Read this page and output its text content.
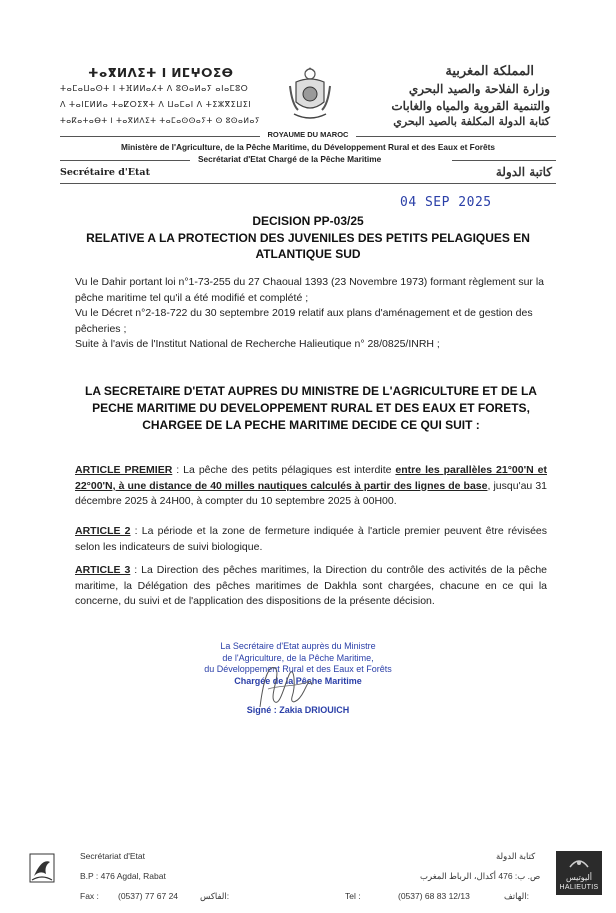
ⵜⴰⴳⵍⴷⵉⵜ ⵏ ⵍⵎⵖⵔⵉⴱ
ⵜⴰⵎⴰⵡⴰⵙⵜ ⵏ ⵜⴼⵍⵍⴰⵃⵜ ⴷ ⵓⵙⴰⵍⴰⵢ ⴰⵏⴰⵎⵓⵔ
ⴷ ⵜⴰⵏⵎⵍⵍⴰ ⵜⴰⵇⵔⵉⴳⵜ ⴷ ⵡⴰⵎⴰⵏ ⴷ ⵜⵉⵣⴳⵉⵡⵉⵏ
ⵜⴰⴽⴰⵜⴰⴱⵜ ⵏ ⵜⴰⴳⵍⴷⵉⵜ ⵜⴰⵎⴰⵙⵙⴰⵢⵜ ⵙ ⵓⵙⴰⵍⴰⵢ
المملكة المغربية
وزارة الفلاحة والصيد البحري
والتنمية القروية والمياه والغابات
كتابة الدولة المكلفة بالصيد البحري
ROYAUME DU MAROC
Ministère de l'Agriculture, de la Pêche Maritime, du Développement Rural et des Eaux et Forêts
Secrétariat d'Etat Chargé de la Pêche Maritime
Secrétaire d'Etat	كاتبة الدولة
04 SEP 2025
DECISION PP-03/25
RELATIVE A LA PROTECTION DES JUVENILES DES PETITS PELAGIQUES EN
ATLANTIQUE SUD
Vu le Dahir portant loi n°1-73-255 du 27 Chaoual 1393 (23 Novembre 1973) formant règlement sur la pêche maritime tel qu'il a été modifié et complété ;
Vu le Décret n°2-18-722 du 30 septembre 2019 relatif aux plans d'aménagement et de gestion des pêcheries ;
Suite à l'avis de l'Institut National de Recherche Halieutique n° 28/0825/INRH ;
LA SECRETAIRE D'ETAT AUPRES DU MINISTRE DE L'AGRICULTURE ET DE LA PECHE MARITIME DU DEVELOPPEMENT RURAL ET DES EAUX ET FORETS, CHARGEE DE LA PECHE MARITIME DECIDE CE QUI SUIT :
ARTICLE PREMIER : La pêche des petits pélagiques est interdite entre les parallèles 21°00'N et 22°00'N, à une distance de 40 milles nautiques calculés à partir des lignes de base, jusqu'au 31 décembre 2025 à 24H00, à compter du 10 septembre 2025 à 00H00.
ARTICLE 2 : La période et la zone de fermeture indiquée à l'article premier peuvent être révisées selon les indicateurs de suivi biologique.
ARTICLE 3 : La Direction des pêches maritimes, la Direction du contrôle des activités de la pêche maritime, la Délégation des pêches maritimes de Dakhla sont chargées, chacune en ce qui la concerne, du suivi et de l'application des dispositions de la présente décision.
La Secrétaire d'Etat auprès du Ministre
de l'Agriculture, de la Pêche Maritime,
du Développement Rural et des Eaux et Forêts
Chargée de la Pêche Maritime
Signé : Zakia DRIOUICH
Secrétariat d'Etat
B.P : 476 Agdal, Rabat
Fax : (0537) 77 67 24	الفاكس:	Tel :	(0537) 68 83 12/13	الهاتف:
كتابة الدولة
ص. ب: 476 أكدال، الرباط المغرب	أليوتيس
HALIEUTIS
